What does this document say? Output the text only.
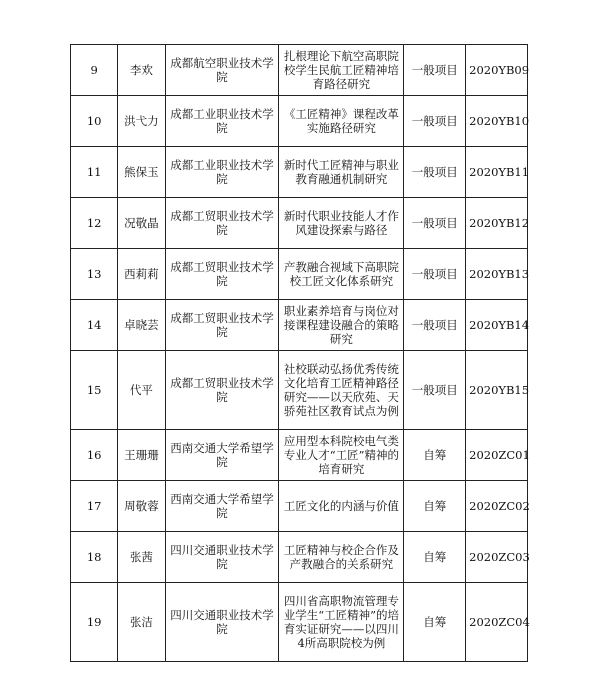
9	李欢	成都航空职业技术学院	扎根理论下航空高职院校学生民航工匠精神培育路径研究	一般项目	2020YB09
10	洪弋力	成都工业职业技术学院	《工匠精神》课程改革实施路径研究	一般项目	2020YB10
11	熊保玉	成都工业职业技术学院	新时代工匠精神与职业教育融通机制研究	一般项目	2020YB11
12	况敬晶	成都工贸职业技术学院	新时代职业技能人才作风建设探索与路径	一般项目	2020YB12
13	西莉莉	成都工贸职业技术学院	产教融合视域下高职院校工匠文化体系研究	一般项目	2020YB13
14	卓晓芸	成都工贸职业技术学院	职业素养培育与岗位对接课程建设融合的策略研究	一般项目	2020YB14
15	代平	成都工贸职业技术学院	社校联动弘扬优秀传统文化培育工匠精神路径研究——以天欣苑、天骄苑社区教育试点为例	一般项目	2020YB15
16	王珊珊	西南交通大学希望学院	应用型本科院校电气类专业人才“工匠”精神的培育研究	自筹	2020ZC01
17	周敬蓉	西南交通大学希望学院	工匠文化的内涵与价值	自筹	2020ZC02
18	张茜	四川交通职业技术学院	工匠精神与校企合作及产教融合的关系研究	自筹	2020ZC03
19	张洁	四川交通职业技术学院	四川省高职物流管理专业学生“工匠精神”的培育实证研究——以四川4所高职院校为例	自筹	2020ZC04
